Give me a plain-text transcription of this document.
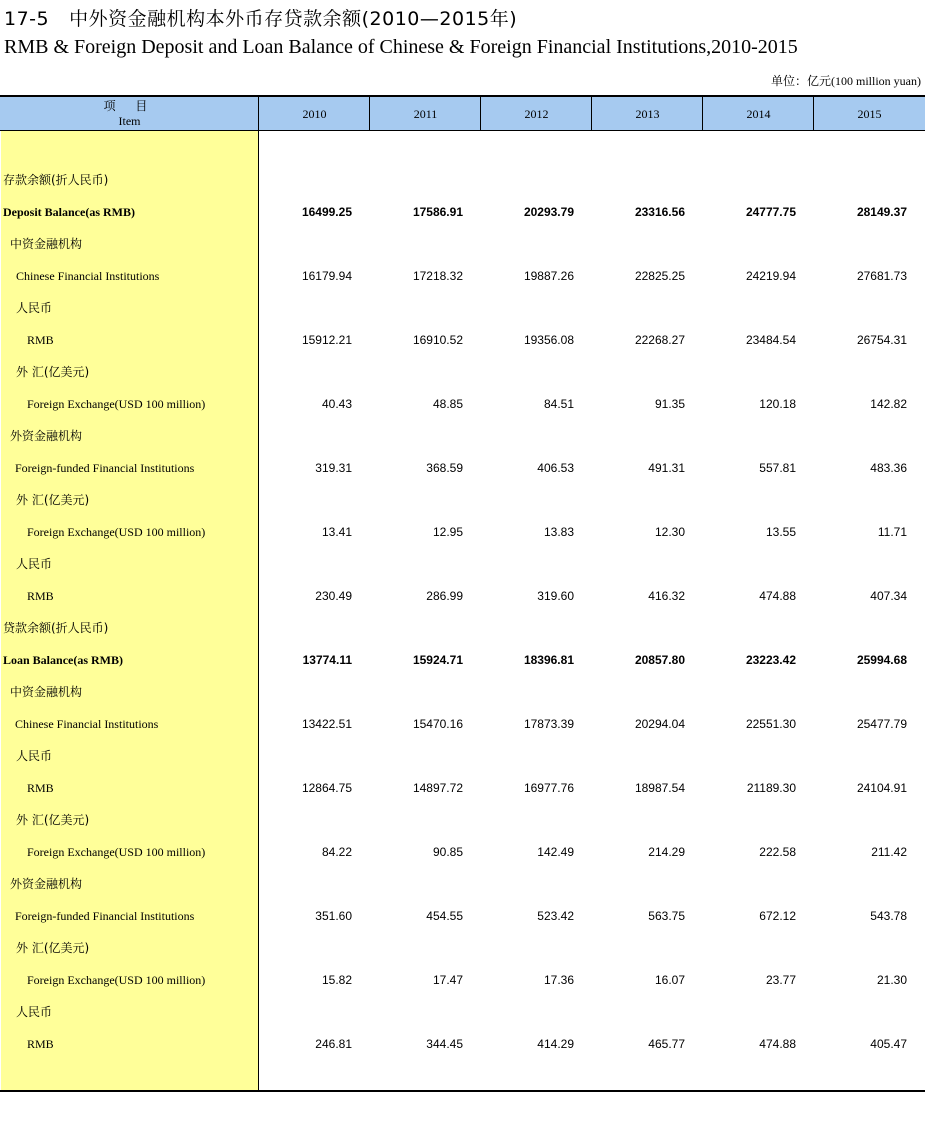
17-5 中外资金融机构本外币存贷款余额(2010—2015年)
RMB & Foreign Deposit and Loan Balance of Chinese & Foreign Financial Institutions,2010-2015
单位：亿元(100 million yuan)
项 目
Item
2010	2011	2012	2013	2014	2015
存款余额(折人民币)
Deposit Balance(as RMB)	16499.25	17586.91	20293.79	23316.56	24777.75	28149.37
中资金融机构
Chinese Financial Institutions	16179.94	17218.32	19887.26	22825.25	24219.94	27681.73
人民币
RMB	15912.21	16910.52	19356.08	22268.27	23484.54	26754.31
外 汇(亿美元)
Foreign Exchange(USD 100 million)	40.43	48.85	84.51	91.35	120.18	142.82
外资金融机构
Foreign-funded Financial Institutions	319.31	368.59	406.53	491.31	557.81	483.36
外 汇(亿美元)
Foreign Exchange(USD 100 million)	13.41	12.95	13.83	12.30	13.55	11.71
人民币
RMB	230.49	286.99	319.60	416.32	474.88	407.34
贷款余额(折人民币)
Loan Balance(as RMB)	13774.11	15924.71	18396.81	20857.80	23223.42	25994.68
中资金融机构
Chinese Financial Institutions	13422.51	15470.16	17873.39	20294.04	22551.30	25477.79
人民币
RMB	12864.75	14897.72	16977.76	18987.54	21189.30	24104.91
外 汇(亿美元)
Foreign Exchange(USD 100 million)	84.22	90.85	142.49	214.29	222.58	211.42
外资金融机构
Foreign-funded Financial Institutions	351.60	454.55	523.42	563.75	672.12	543.78
外 汇(亿美元)
Foreign Exchange(USD 100 million)	15.82	17.47	17.36	16.07	23.77	21.30
人民币
RMB	246.81	344.45	414.29	465.77	474.88	405.47
